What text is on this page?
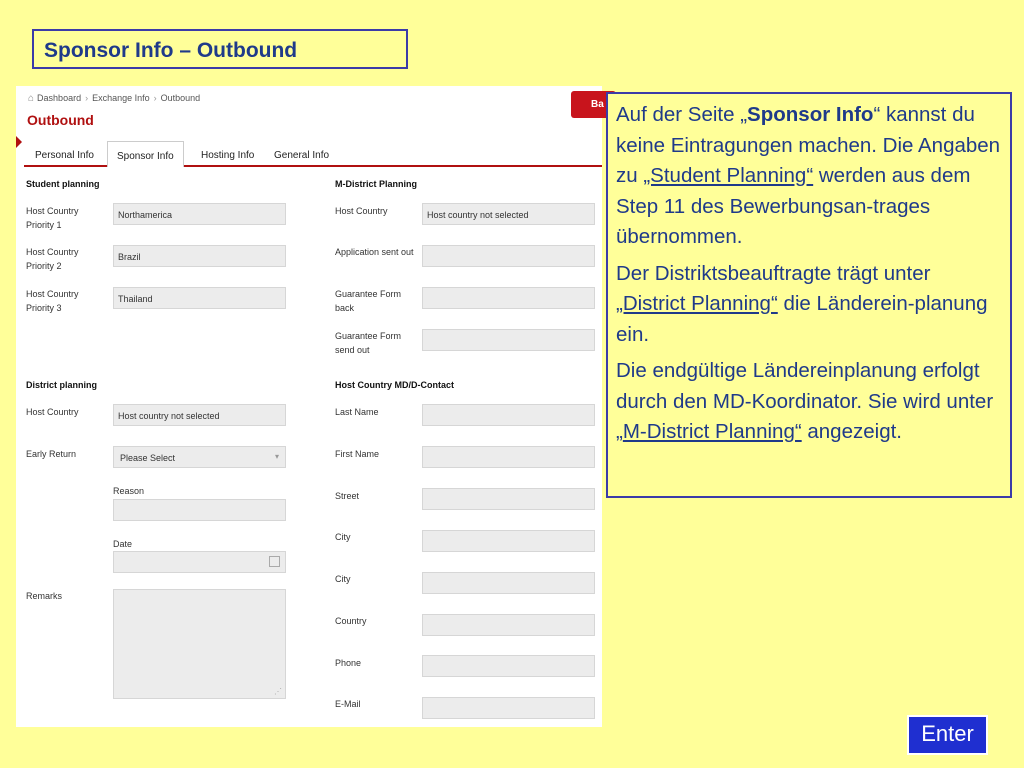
Sponsor Info – Outbound
⌂ Dashboard › Exchange Info › Outbound
Outbound
Ba
Personal Info	Sponsor Info	Hosting Info	General Info
Student planning
Host Country Priority 1
Northamerica
Host Country Priority 2
Brazil
Host Country Priority 3
Thailand
District planning
Host Country	Host country not selected
Early Return	Please Select	▾
Reason
Date
Remarks
⋰
M-District Planning
Host Country	Host country not selected
Application sent out
Guarantee Form back
Guarantee Form send out
Host Country MD/D-Contact
Last Name
First Name
Street
City
City
Country
Phone
E-Mail

Auf der Seite „Sponsor Info“ kannst du keine Eintragungen machen. Die Angaben zu „Student Planning“ werden aus dem Step 11 des Bewerbungsan-trages übernommen.

Der Distriktsbeauftragte trägt unter „District Planning“ die Länderein-planung ein.

Die endgültige Ländereinplanung erfolgt durch den MD-Koordinator. Sie wird unter „M-District Planning“ angezeigt.

Enter
